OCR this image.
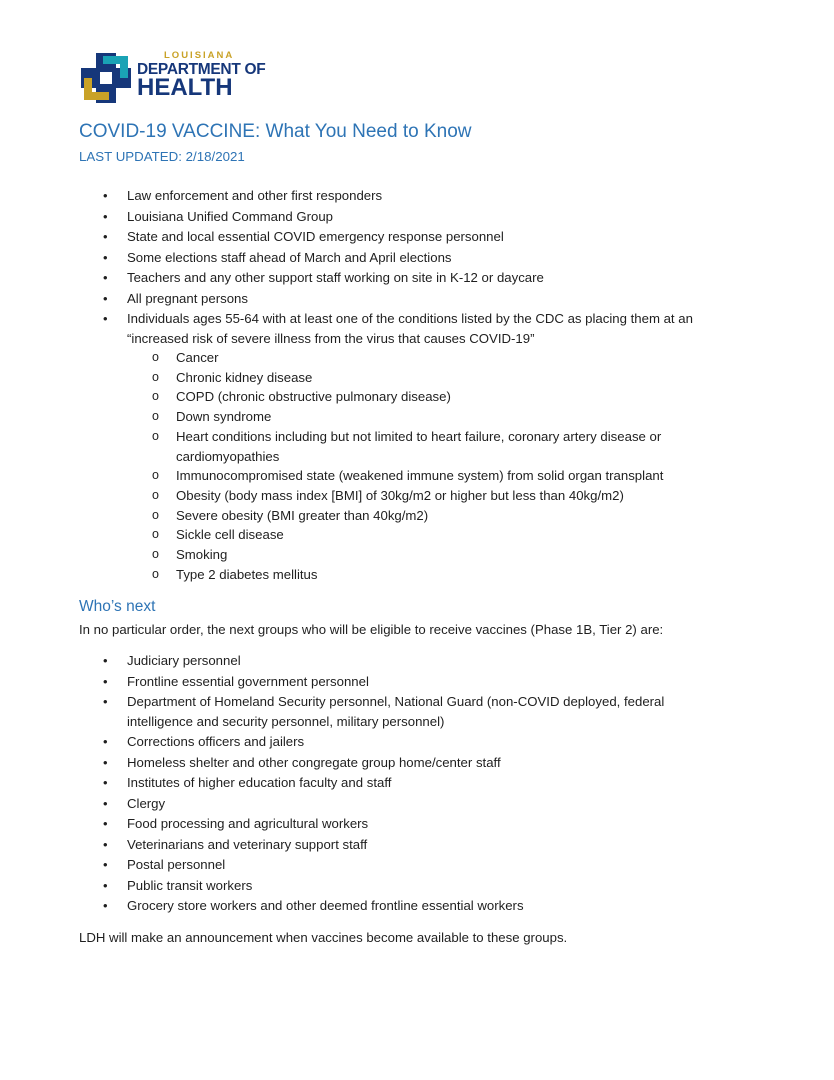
LOUISIANA
DEPARTMENT OF
HEALTH
COVID-19 VACCINE: What You Need to Know
LAST UPDATED: 2/18/2021
• Law enforcement and other first responders
• Louisiana Unified Command Group
• State and local essential COVID emergency response personnel
• Some elections staff ahead of March and April elections
• Teachers and any other support staff working on site in K-12 or daycare
• All pregnant persons
• Individuals ages 55-64 with at least one of the conditions listed by the CDC as placing them at an “increased risk of severe illness from the virus that causes COVID-19”
o Cancer
o Chronic kidney disease
o COPD (chronic obstructive pulmonary disease)
o Down syndrome
o Heart conditions including but not limited to heart failure, coronary artery disease or cardiomyopathies
o Immunocompromised state (weakened immune system) from solid organ transplant
o Obesity (body mass index [BMI] of 30kg/m2 or higher but less than 40kg/m2)
o Severe obesity (BMI greater than 40kg/m2)
o Sickle cell disease
o Smoking
o Type 2 diabetes mellitus
Who’s next
In no particular order, the next groups who will be eligible to receive vaccines (Phase 1B, Tier 2) are:
• Judiciary personnel
• Frontline essential government personnel
• Department of Homeland Security personnel, National Guard (non-COVID deployed, federal intelligence and security personnel, military personnel)
• Corrections officers and jailers
• Homeless shelter and other congregate group home/center staff
• Institutes of higher education faculty and staff
• Clergy
• Food processing and agricultural workers
• Veterinarians and veterinary support staff
• Postal personnel
• Public transit workers
• Grocery store workers and other deemed frontline essential workers
LDH will make an announcement when vaccines become available to these groups.
